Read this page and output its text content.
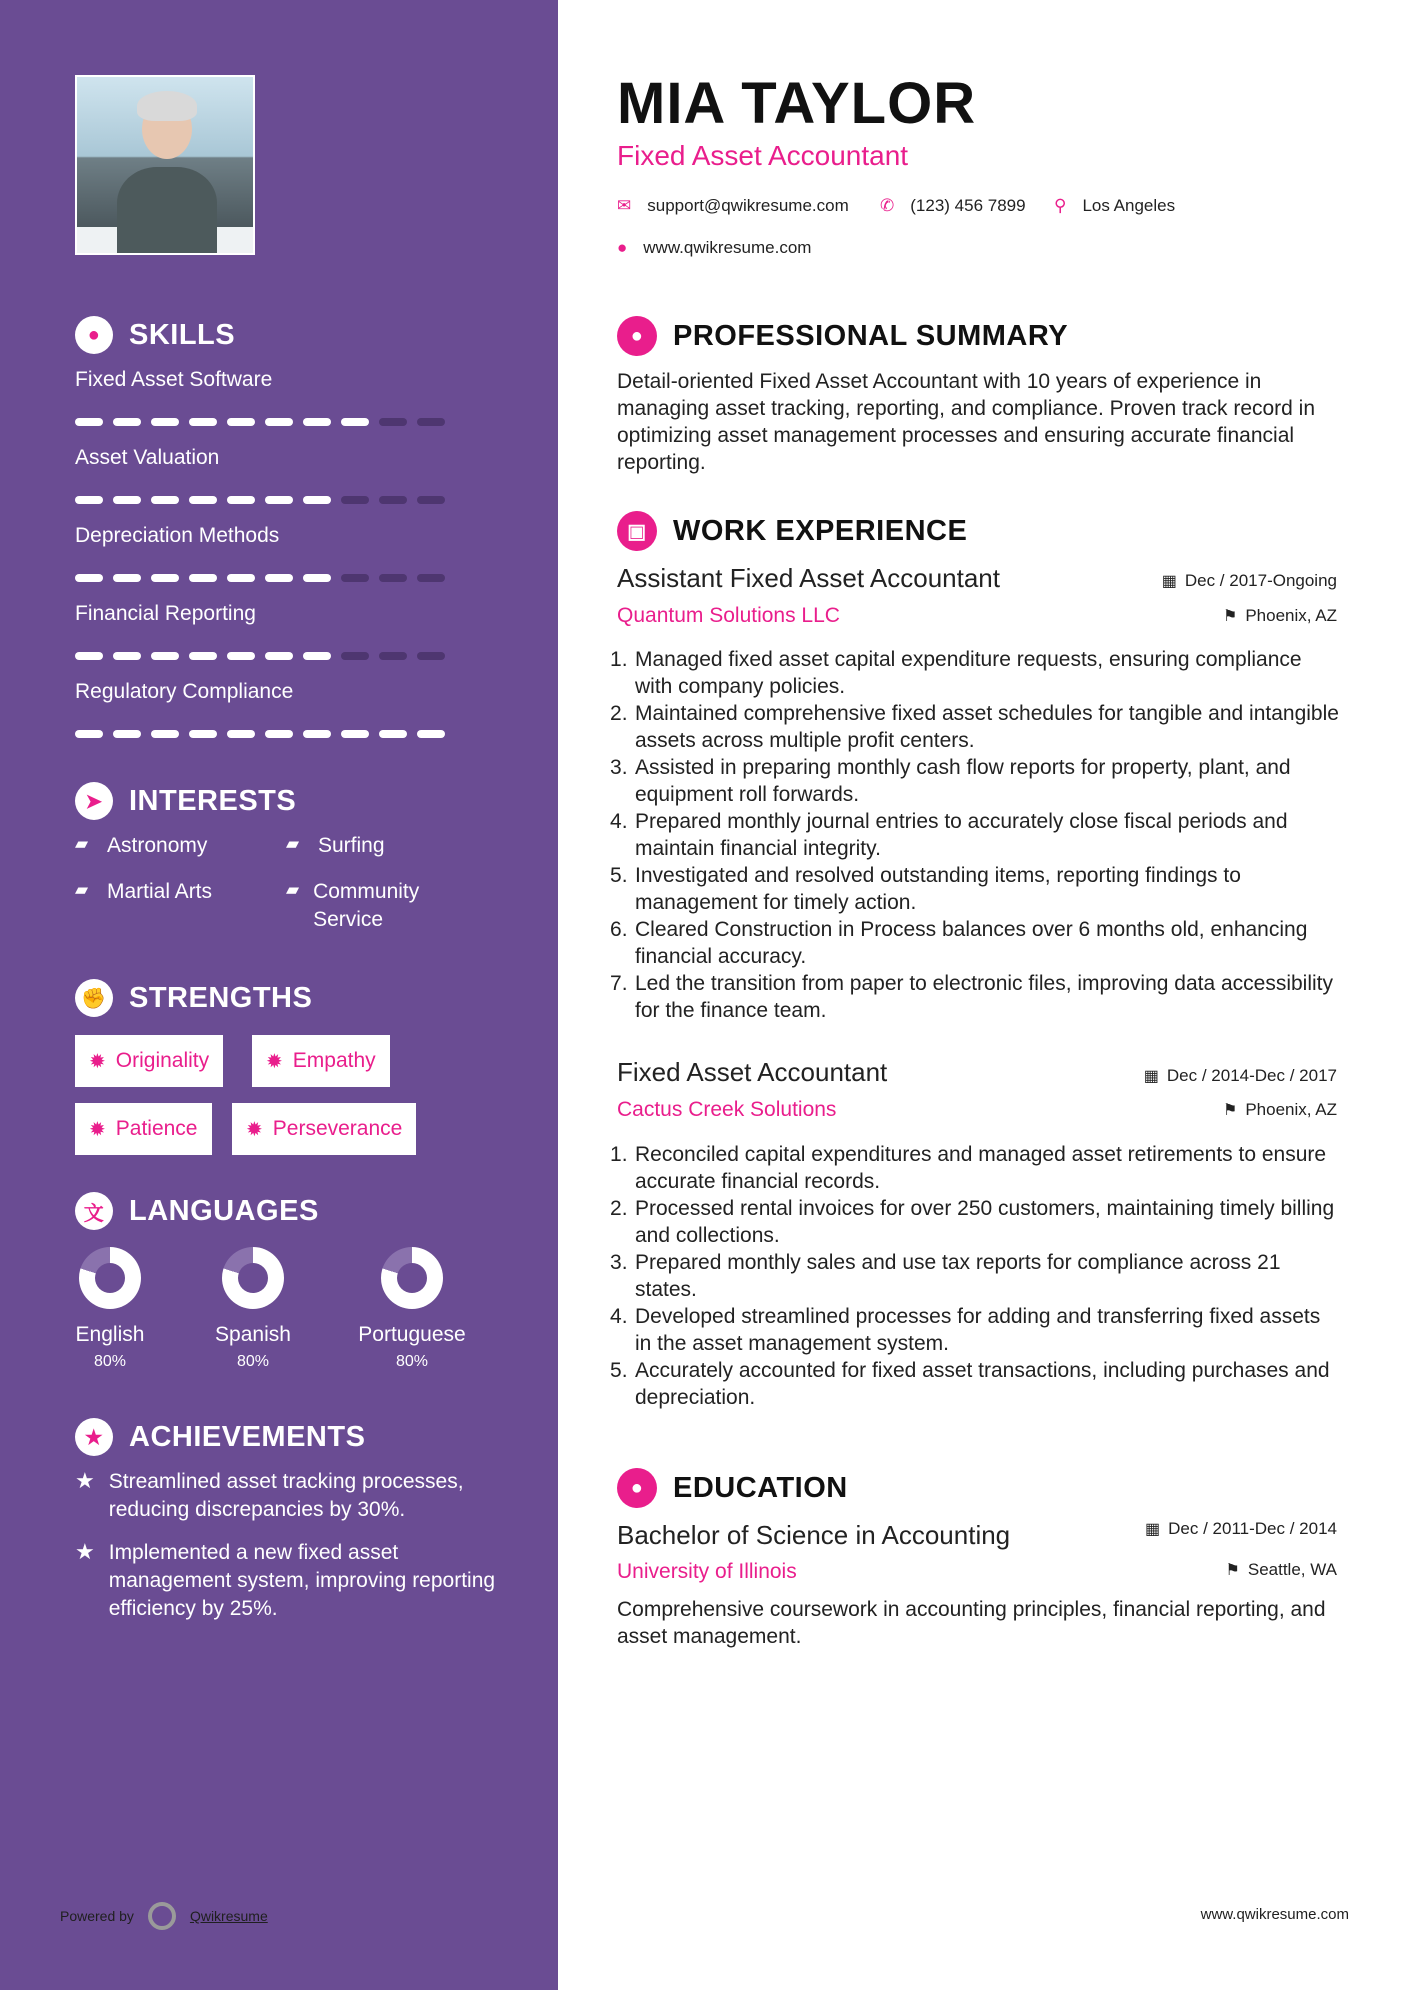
● SKILLS
Fixed Asset Software
Asset Valuation
Depreciation Methods
Financial Reporting
Regulatory Compliance
➤ INTERESTS
▰ Astronomy	▰ Surfing
▰ Martial Arts	▰ Community Service
✊ STRENGTHS
✹ Originality	✹ Empathy
✹ Patience ✹ Perseverance
文 LANGUAGES
English
80%
Spanish
80%
Portuguese
80%
★ ACHIEVEMENTS
★ Streamlined asset tracking processes, reducing discrepancies by 30%.
★ Implemented a new fixed asset management system, improving reporting efficiency by 25%.
Powered by	Qwikresume
MIA TAYLOR
Fixed Asset Accountant
✉ support@qwikresume.com ✆ (123) 456 7899 ⚲ Los Angeles
● www.qwikresume.com
●	PROFESSIONAL SUMMARY
Detail-oriented Fixed Asset Accountant with 10 years of experience in managing asset tracking, reporting, and compliance. Proven track record in optimizing asset management processes and ensuring accurate financial reporting.
▣ WORK EXPERIENCE
Assistant Fixed Asset Accountant	▦ Dec / 2017-Ongoing
Quantum Solutions LLC	⚑ Phoenix, AZ
Managed fixed asset capital expenditure requests, ensuring compliance with company policies.
Maintained comprehensive fixed asset schedules for tangible and intangible assets across multiple profit centers.
Assisted in preparing monthly cash flow reports for property, plant, and equipment roll forwards.
Prepared monthly journal entries to accurately close fiscal periods and maintain financial integrity.
Investigated and resolved outstanding items, reporting findings to management for timely action.
Cleared Construction in Process balances over 6 months old, enhancing financial accuracy.
Led the transition from paper to electronic files, improving data accessibility for the finance team.
Fixed Asset Accountant	▦ Dec / 2014-Dec / 2017
Cactus Creek Solutions	⚑ Phoenix, AZ
Reconciled capital expenditures and managed asset retirements to ensure accurate financial records.
Processed rental invoices for over 250 customers, maintaining timely billing and collections.
Prepared monthly sales and use tax reports for compliance across 21 states.
Developed streamlined processes for adding and transferring fixed assets in the asset management system.
Accurately accounted for fixed asset transactions, including purchases and depreciation.
●	EDUCATION
Bachelor of Science in Accounting	▦ Dec / 2011-Dec / 2014
University of Illinois	⚑ Seattle, WA
Comprehensive coursework in accounting principles, financial reporting, and asset management.
www.qwikresume.com
